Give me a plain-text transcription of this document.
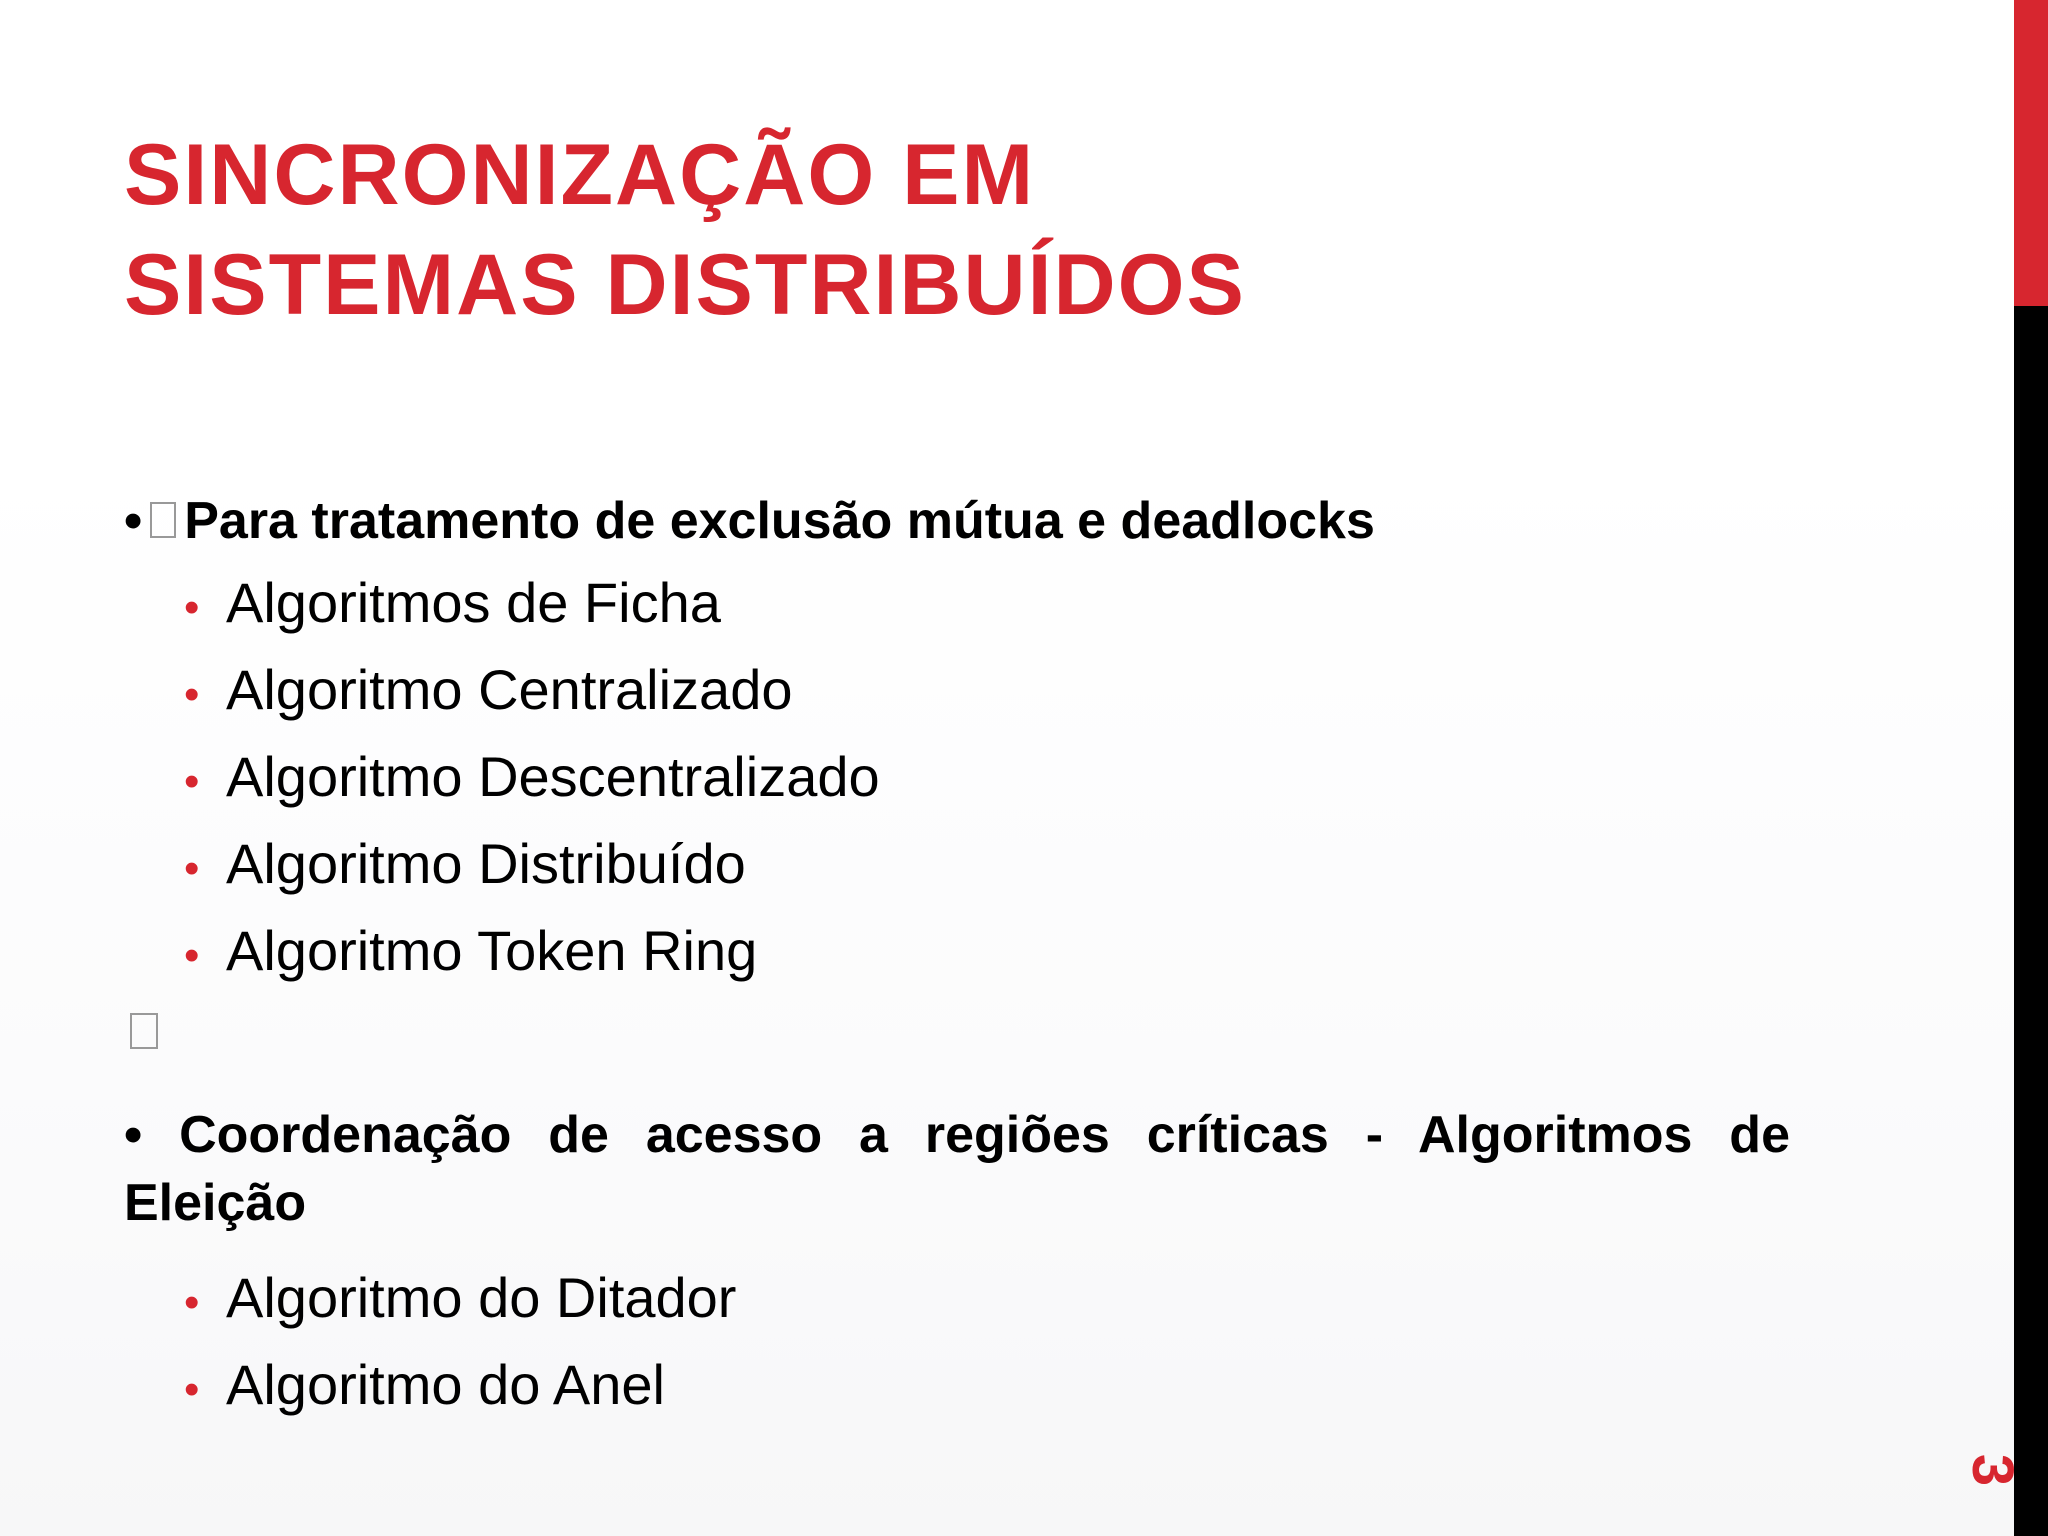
SINCRONIZAÇÃO EM
SISTEMAS DISTRIBUÍDOS

• Para tratamento de exclusão mútua e deadlocks

• Algoritmos de Ficha
• Algoritmo Centralizado
• Algoritmo Descentralizado
• Algoritmo Distribuído
• Algoritmo Token Ring

• Coordenação de acesso a regiões críticas - Algoritmos de Eleição

• Algoritmo do Ditador
• Algoritmo do Anel
3
